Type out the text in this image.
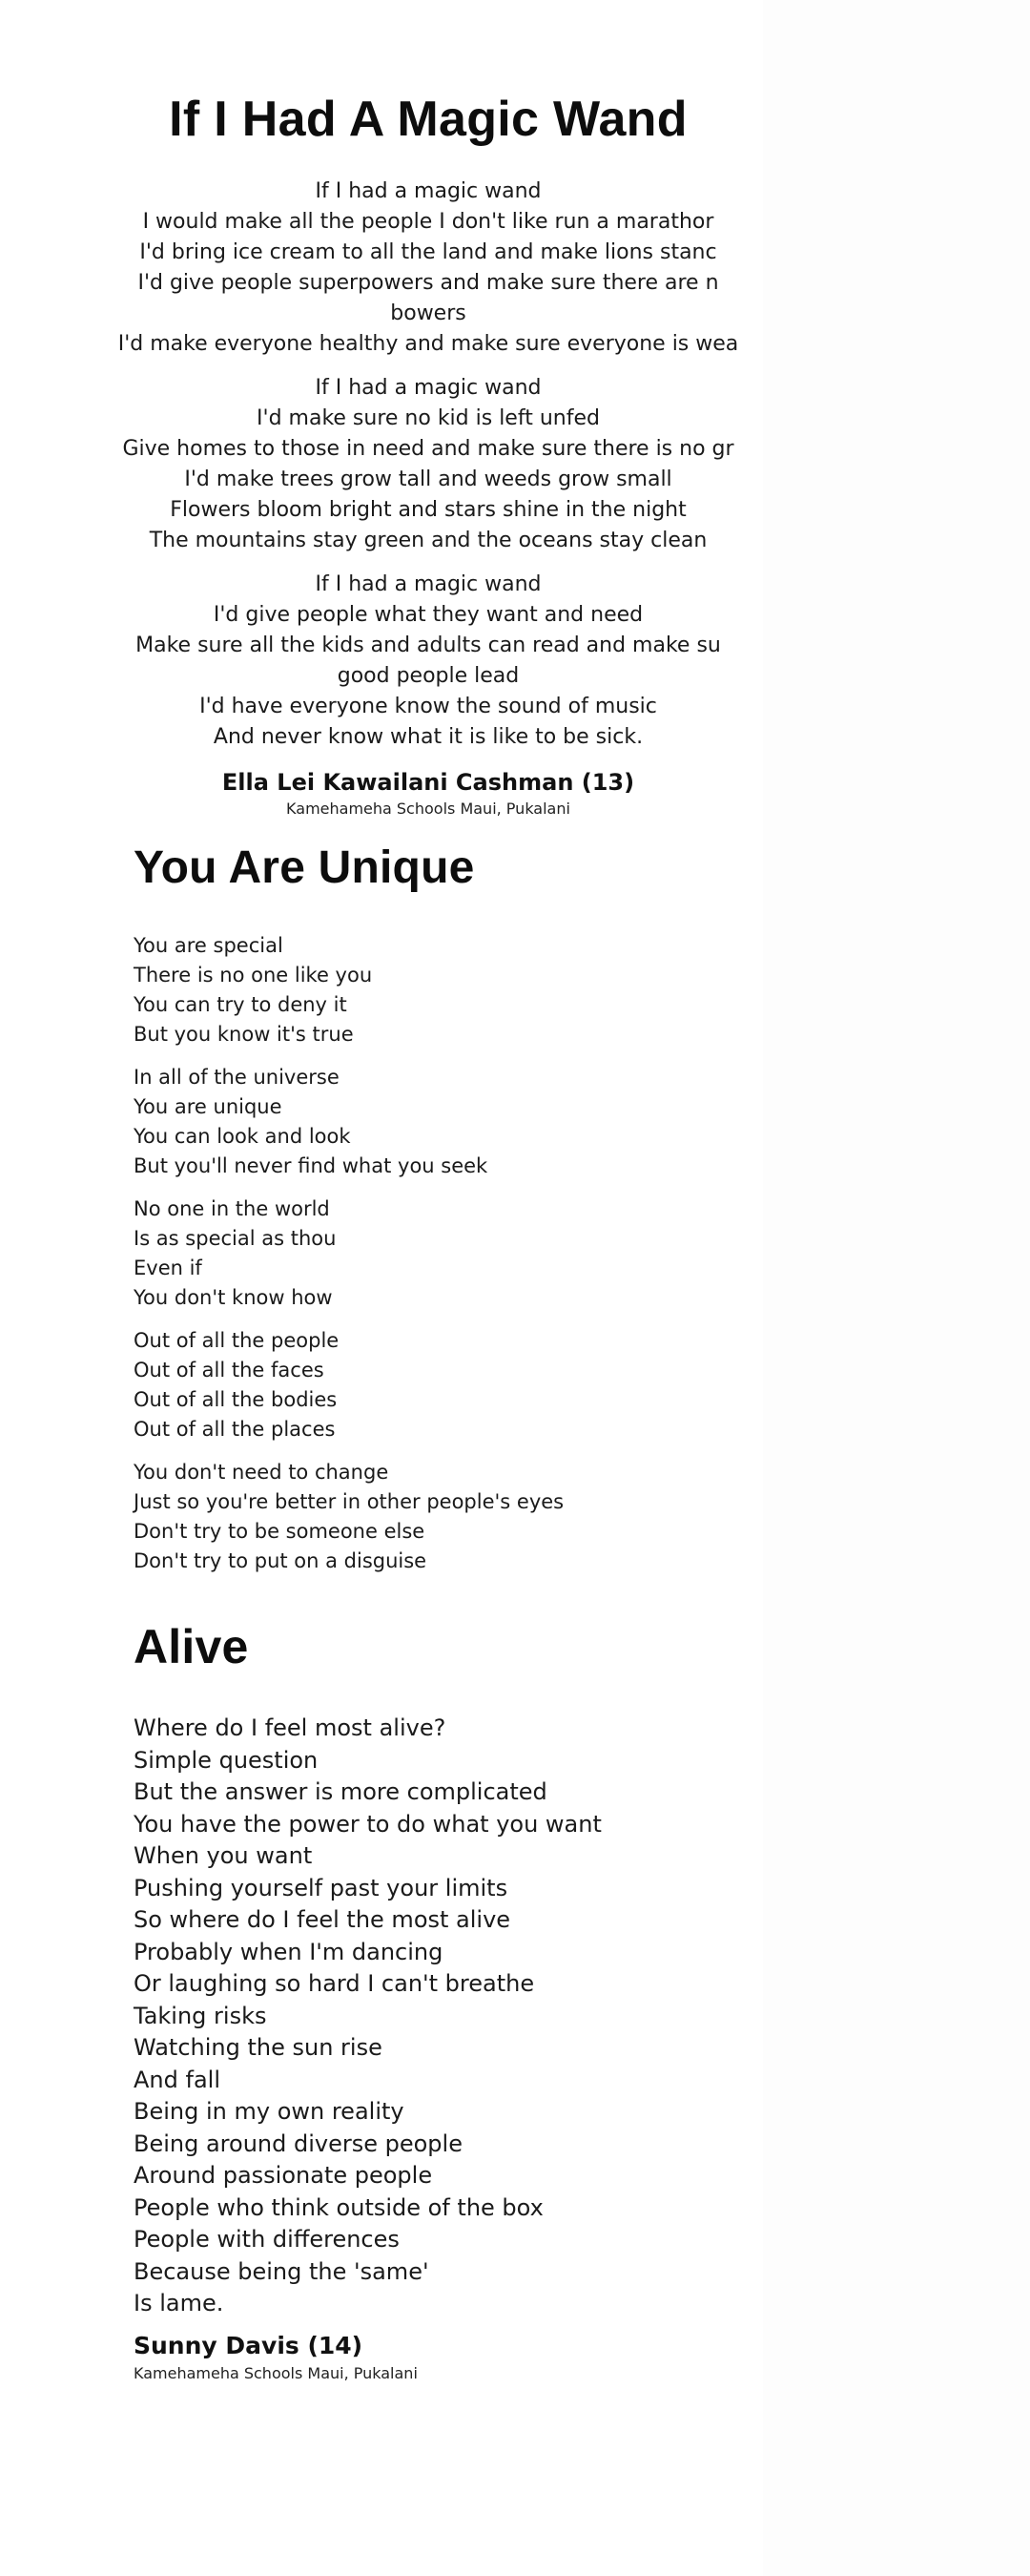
If I Had A Magic Wand
If I had a magic wand
I would make all the people I don't like run a marathor
I'd bring ice cream to all the land and make lions stanc
I'd give people superpowers and make sure there are n
bowers
I'd make everyone healthy and make sure everyone is wea
If I had a magic wand
I'd make sure no kid is left unfed
Give homes to those in need and make sure there is no gr
I'd make trees grow tall and weeds grow small
Flowers bloom bright and stars shine in the night
The mountains stay green and the oceans stay clean
If I had a magic wand
I'd give people what they want and need
Make sure all the kids and adults can read and make su
good people lead
I'd have everyone know the sound of music
And never know what it is like to be sick.
Ella Lei Kawailani Cashman (13)
Kamehameha Schools Maui, Pukalani
You Are Unique
You are special
There is no one like you
You can try to deny it
But you know it's true
In all of the universe
You are unique
You can look and look
But you'll never find what you seek
No one in the world
Is as special as thou
Even if
You don't know how
Out of all the people
Out of all the faces
Out of all the bodies
Out of all the places
You don't need to change
Just so you're better in other people's eyes
Don't try to be someone else
Don't try to put on a disguise
Alive
Where do I feel most alive?
Simple question
But the answer is more complicated
You have the power to do what you want
When you want
Pushing yourself past your limits
So where do I feel the most alive
Probably when I'm dancing
Or laughing so hard I can't breathe
Taking risks
Watching the sun rise
And fall
Being in my own reality
Being around diverse people
Around passionate people
People who think outside of the box
People with differences
Because being the 'same'
Is lame.
Sunny Davis (14)
Kamehameha Schools Maui, Pukalani
